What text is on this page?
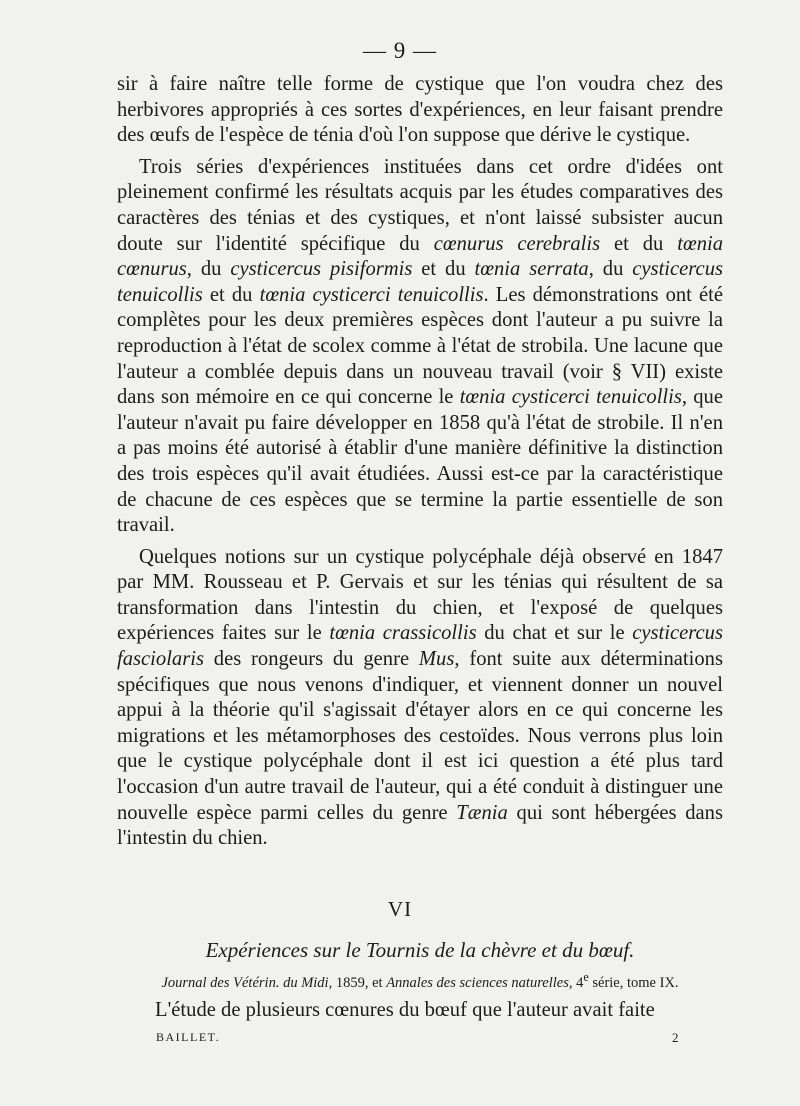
— 9 —

sir à faire naître telle forme de cystique que l'on voudra chez des herbivores appropriés à ces sortes d'expériences, en leur faisant prendre des œufs de l'espèce de ténia d'où l'on suppose que dérive le cystique.

Trois séries d'expériences instituées dans cet ordre d'idées ont pleinement confirmé les résultats acquis par les études comparatives des caractères des ténias et des cystiques, et n'ont laissé subsister aucun doute sur l'identité spécifique du cœnurus cerebralis et du tœnia cœnurus, du cysticercus pisiformis et du tœnia serrata, du cysticercus tenuicollis et du tœnia cysticerci tenuicollis. Les démonstrations ont été complètes pour les deux premières espèces dont l'auteur a pu suivre la reproduction à l'état de scolex comme à l'état de strobila. Une lacune que l'auteur a comblée depuis dans un nouveau travail (voir § VII) existe dans son mémoire en ce qui concerne le tœnia cysticerci tenuicollis, que l'auteur n'avait pu faire développer en 1858 qu'à l'état de strobile. Il n'en a pas moins été autorisé à établir d'une manière définitive la distinction des trois espèces qu'il avait étudiées. Aussi est-ce par la caractéristique de chacune de ces espèces que se termine la partie essentielle de son travail.

Quelques notions sur un cystique polycéphale déjà observé en 1847 par MM. Rousseau et P. Gervais et sur les ténias qui résultent de sa transformation dans l'intestin du chien, et l'exposé de quelques expériences faites sur le tœnia crassicollis du chat et sur le cysticercus fasciolaris des rongeurs du genre Mus, font suite aux déterminations spécifiques que nous venons d'indiquer, et viennent donner un nouvel appui à la théorie qu'il s'agissait d'étayer alors en ce qui concerne les migrations et les métamorphoses des cestoïdes. Nous verrons plus loin que le cystique polycéphale dont il est ici question a été plus tard l'occasion d'un autre travail de l'auteur, qui a été conduit à distinguer une nouvelle espèce parmi celles du genre Tænia qui sont hébergées dans l'intestin du chien.

VI
Expériences sur le Tournis de la chèvre et du bœuf.
Journal des Vétérin. du Midi, 1859, et Annales des sciences naturelles, 4e série, tome IX.

L'étude de plusieurs cœnures du bœuf que l'auteur avait faite

BAILLET.	2
